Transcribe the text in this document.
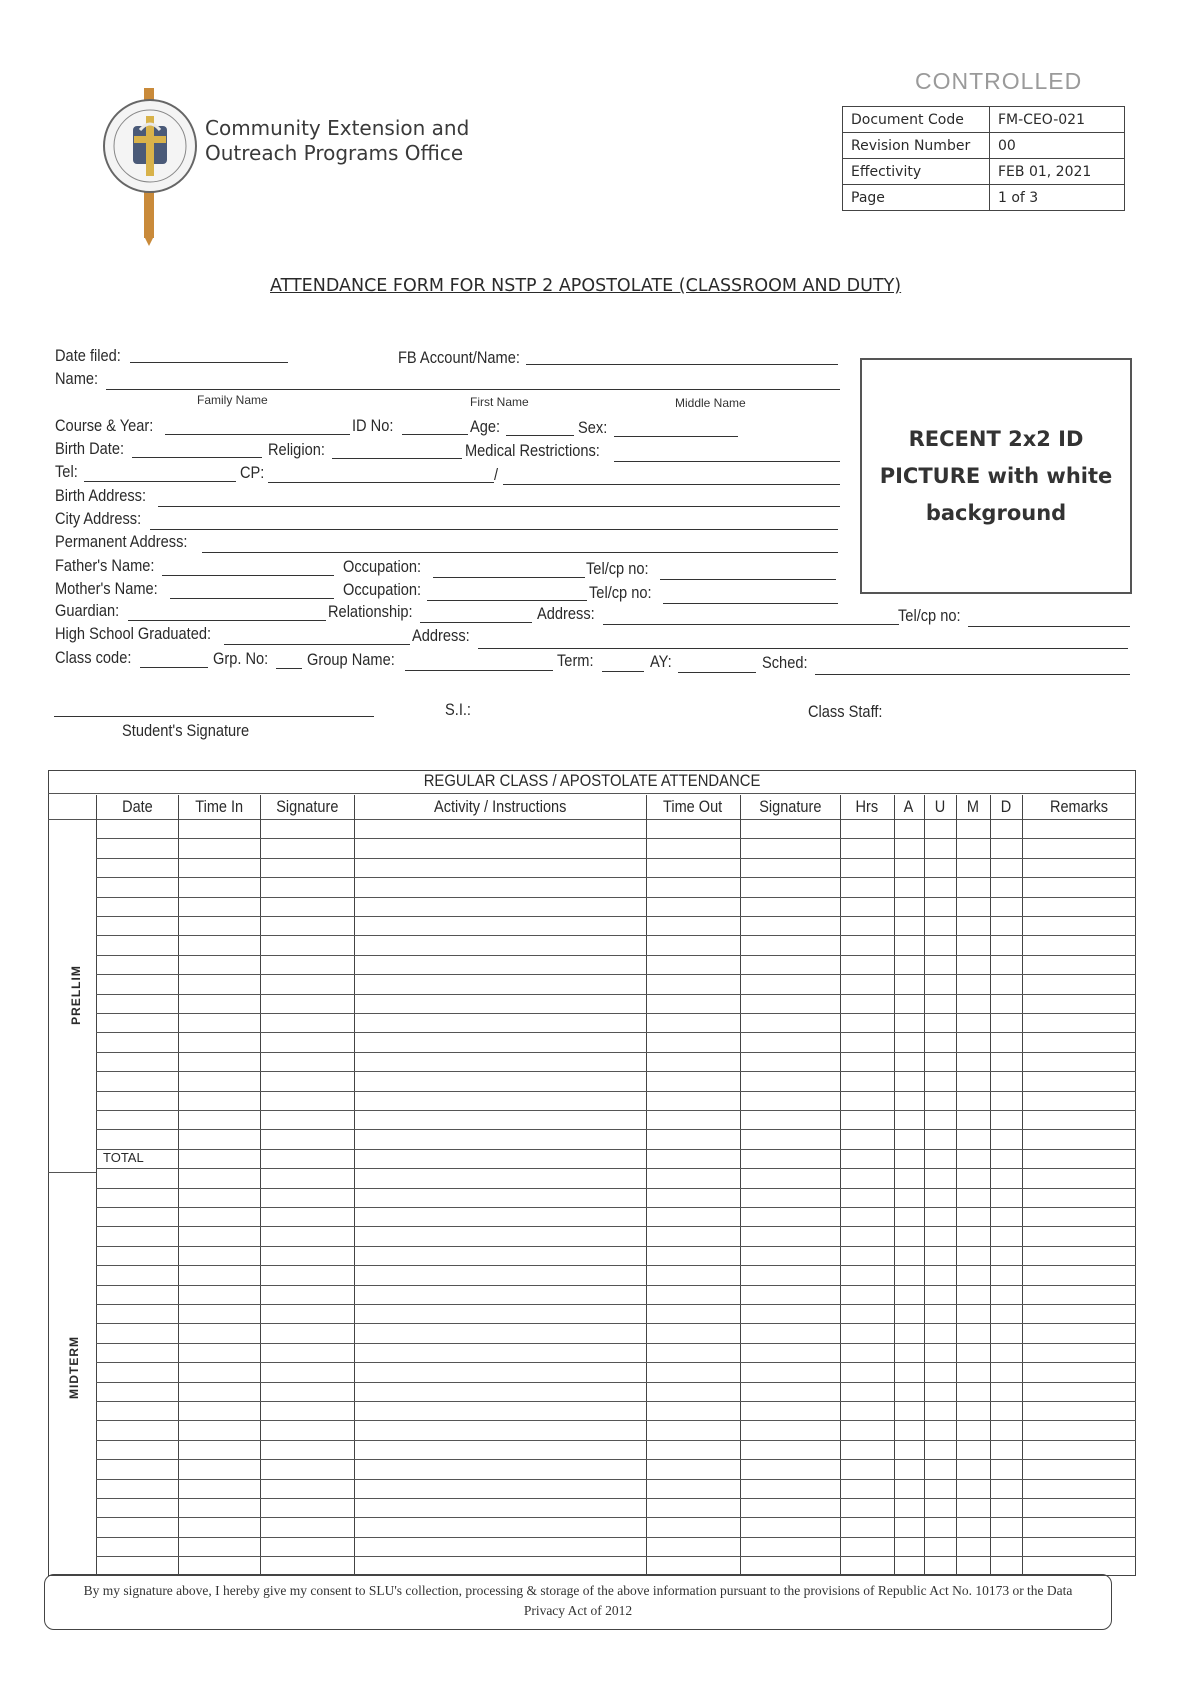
Community Extension and
Outreach Programs Office
CONTROLLED
Document Code	FM-CEO-021
Revision Number	00
Effectivity	FEB 01, 2021
Page	1 of 3
ATTENDANCE FORM FOR NSTP 2 APOSTOLATE (CLASSROOM AND DUTY)
Date filed:	FB Account/Name:
Name:
Family Name	First Name	Middle Name
Course & Year:	ID No:	Age:	Sex:
Birth Date:	Religion:	Medical Restrictions:
Tel:	CP:	/
Birth Address:
City Address:
Permanent Address:
Father's Name:	Occupation:	Tel/cp no:
Mother's Name:	Occupation:	Tel/cp no:
Guardian:	Relationship:	Address:	Tel/cp no:
High School Graduated:	Address:
Class code:	Grp. No: Group Name:	Term:	AY:	Sched:
Student's Signature
S.I.:	Class Staff:
RECENT 2x2 ID
PICTURE with white
background
REGULAR CLASS / APOSTOLATE ATTENDANCE
Date	Time In	Signature	Activity / Instructions	Time Out	Signature	Hrs	A	U	M	D	Remarks
PRELLIM
MIDTERM
TOTAL
By my signature above, I hereby give my consent to SLU's collection, processing & storage of the above information pursuant to the provisions of Republic Act No. 10173 or the Data Privacy Act of 2012
